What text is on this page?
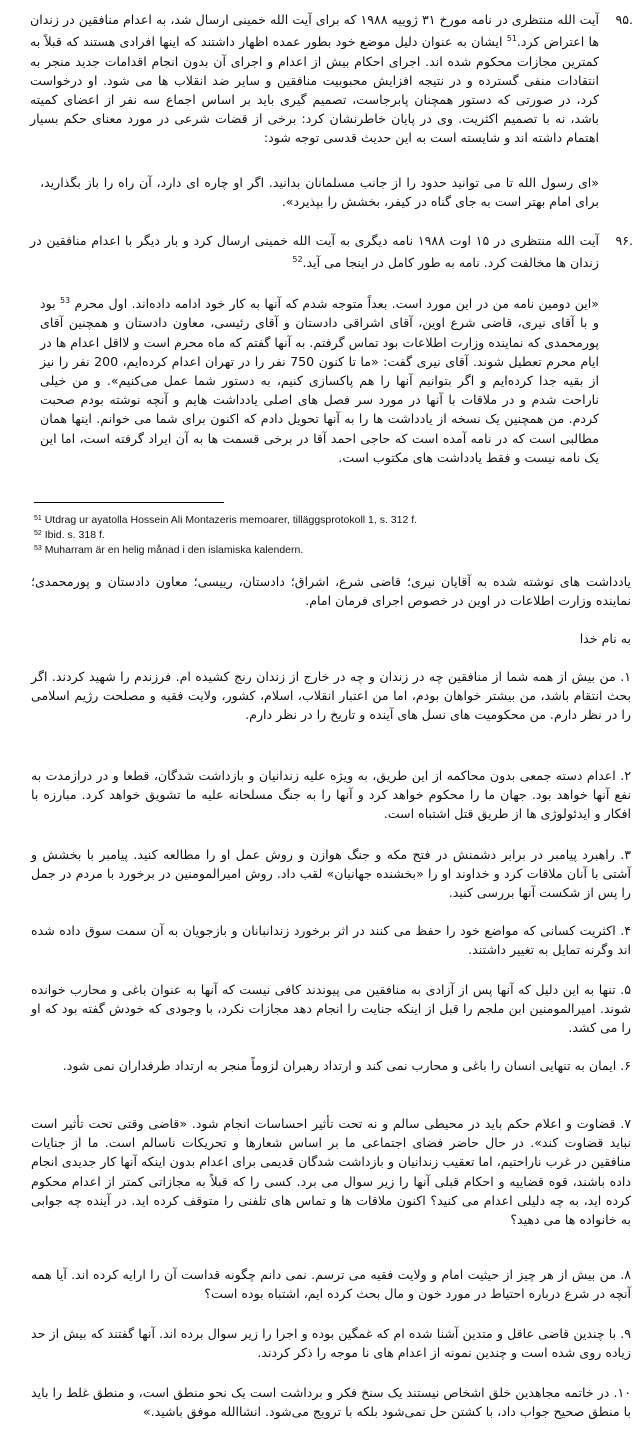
.۹۵
آیت الله منتظری در نامه مورخ ۳۱ ژوییه ۱۹۸۸ که برای آیت الله خمینی ارسال شد، به اعدام منافقین در زندان ها اعتراض کرد.$^{51}$ ایشان به عنوان دلیل موضع خود بطور عمده اظهار داشتند که اینها افرادی هستند که قبلاً به کمترین مجازات محکوم شده اند. اجرای احکام بیش از اعدام و اجرای آن بدون انجام اقدامات جدید منجر به انتقادات منفی گسترده و در نتیجه افزایش محبوبیت منافقین و سایر ضد انقلاب ها می شود. او درخواست کرد، در صورتی که دستور همچنان پابرجاست، تصمیم گیری باید بر اساس اجماع سه نفر از اعضای کمیته باشد، نه با تصمیم اکثریت. وی در پایان خاطرنشان کرد: برخی از قضات شرعی در مورد معنای حکم بسیار اهتمام داشته اند و شایسته است به این حدیث قدسی توجه شود:
«ای رسول الله تا می توانید حدود را از جانب مسلمانان بدانید. اگر او چاره ای دارد، آن راه را باز بگذارید، برای امام بهتر است به جای گناه در کیفر، بخشش را بپذیرد».
.۹۶
آیت الله منتظری در ۱۵ اوت ۱۹۸۸ نامه دیگری به آیت الله خمینی ارسال کرد و بار دیگر با اعدام منافقین در زندان ها مخالفت کرد. نامه به طور کامل در اینجا می آید.$^{52}$
«این دومین نامه من در این مورد است. بعداً متوجه شدم که آنها به کار خود ادامه داده‌اند. اول محرم $^{53}$ بود و با آقای نیری، قاضی شرع اوین، آقای اشراقی دادستان و آقای رئیسی، معاون دادستان و همچنین آقای پورمحمدی که نماینده وزارت اطلاعات بود تماس گرفتم. به آنها گفتم که ماه محرم است و لااقل اعدام ها در ایام محرم تعطیل شوند. آقای نیری گفت: «ما تا کنون 750 نفر را در تهران اعدام کرده‌ایم، 200 نفر را نیز از بقیه جدا کرده‌ایم و اگر بتوانیم آنها را هم پاکسازی کنیم، به دستور شما عمل می‌کنیم». و من خیلی ناراحت شدم و در ملاقات با آنها در مورد سر فصل های اصلی یادداشت هایم و آنچه نوشته بودم صحبت کردم. من همچنین یک نسخه از یادداشت ها را به آنها تحویل دادم که اکنون برای شما می خوانم. اینها همان مطالبی است که در نامه آمده است که حاجی احمد آقا در برخی قسمت ها به آن ایراد گرفته است، اما این یک نامه نیست و فقط یادداشت های مکتوب است.
$^{51}$ Utdrag ur ayatolla Hossein Ali Montazeris memoarer, tilläggsprotokoll 1, s. 312 f.
$^{52}$ Ibid. s. 318 f.
$^{53}$ Muharram är en helig månad i den islamiska kalendern.
یادداشت های نوشته شده به آقایان نیری؛ قاضی شرع، اشراق؛ دادستان، رییسی؛ معاون دادستان و پورمحمدی؛ نماینده وزارت اطلاعات در اوین در خصوص اجرای فرمان امام.
به نام خدا
۱. من بیش از همه شما از منافقین چه در زندان و چه در خارج از زندان رنج کشیده ام. فرزندم را شهید کردند. اگر بحث انتقام باشد، من بیشتر خواهان بودم، اما من اعتبار انقلاب، اسلام، کشور، ولایت فقیه و مصلحت رژیم اسلامی را در نظر دارم. من محکومیت های نسل های آینده و تاریخ را در نظر دارم.
۲. اعدام دسته جمعی بدون محاکمه از این طریق، به ویژه علیه زندانیان و بازداشت شدگان، قطعا و در درازمدت به نفع آنها خواهد بود. جهان ما را محکوم خواهد کرد و آنها را به جنگ مسلحانه علیه ما تشویق خواهد کرد. مبارزه با افکار و ایدئولوژی ها از طریق قتل اشتباه است.
۳. راهبرد پیامبر در برابر دشمنش در فتح مکه و جنگ هوازن و روش عمل او را مطالعه کنید. پیامبر با بخشش و آشتی با آنان ملاقات کرد و خداوند او را «بخشنده جهانیان» لقب داد. روش امیرالمومنین در برخورد با مردم در جمل را پس از شکست آنها بررسی کنید.
۴. اکثریت کسانی که مواضع خود را حفظ می کنند در اثر برخورد زندانبانان و بازجویان به آن سمت سوق داده شده اند وگرنه تمایل به تغییر داشتند.
۵. تنها به این دلیل که آنها پس از آزادی به منافقین می پیوندند کافی نیست که آنها به عنوان باغی و محارب خوانده شوند. امیرالمومنین ابن ملجم را قبل از اینکه جنایت را انجام دهد مجازات نکرد، با وجودی که خودش گفته بود که او را می کشد.
۶. ایمان به تنهایی انسان را باغی و محارب نمی کند و ارتداد رهبران لزوماً منجر به ارتداد طرفداران نمی شود.
۷. قضاوت و اعلام حکم باید در محیطی سالم و نه تحت تأثیر احساسات انجام شود. «قاضی وقتی تحت تأثیر است نباید قضاوت کند». در حال حاضر فضای اجتماعی ما بر اساس شعارها و تحریکات ناسالم است. ما از جنایات منافقین در غرب ناراحتیم، اما تعقیب زندانیان و بازداشت شدگان قدیمی برای اعدام بدون اینکه آنها کار جدیدی انجام داده باشند، قوه قضاییه و احکام قبلی آنها را زیر سوال می برد. کسی را که قبلاً به مجازاتی کمتر از اعدام محکوم کرده اید، به چه دلیلی اعدام می کنید؟ اکنون ملاقات ها و تماس های تلفنی را متوقف کرده اید. در آینده چه جوابی به خانواده ها می دهید؟
۸. من بیش از هر چیز از حیثیت امام و ولایت فقیه می ترسم. نمی دانم چگونه قداست آن را ارایه کرده اند. آیا همه آنچه در شرع درباره احتیاط در مورد خون و مال بحث کرده ایم، اشتباه بوده است؟
۹. با چندین قاضی عاقل و متدین آشنا شده ام که غمگین بوده و اجرا را زیر سوال برده اند. آنها گفتند که بیش از حد زیاده روی شده است و چندین نمونه از اعدام های نا موجه را ذکر کردند.
۱۰. در خاتمه مجاهدین خلق اشخاص نیستند یک سنخ فکر و برداشت است یک نحو منطق است، و منطق غلط را باید با منطق صحیح جواب داد، با کشتن حل نمی‌شود بلکه با ترویج می‌شود. انشاالله موفق باشید.»
